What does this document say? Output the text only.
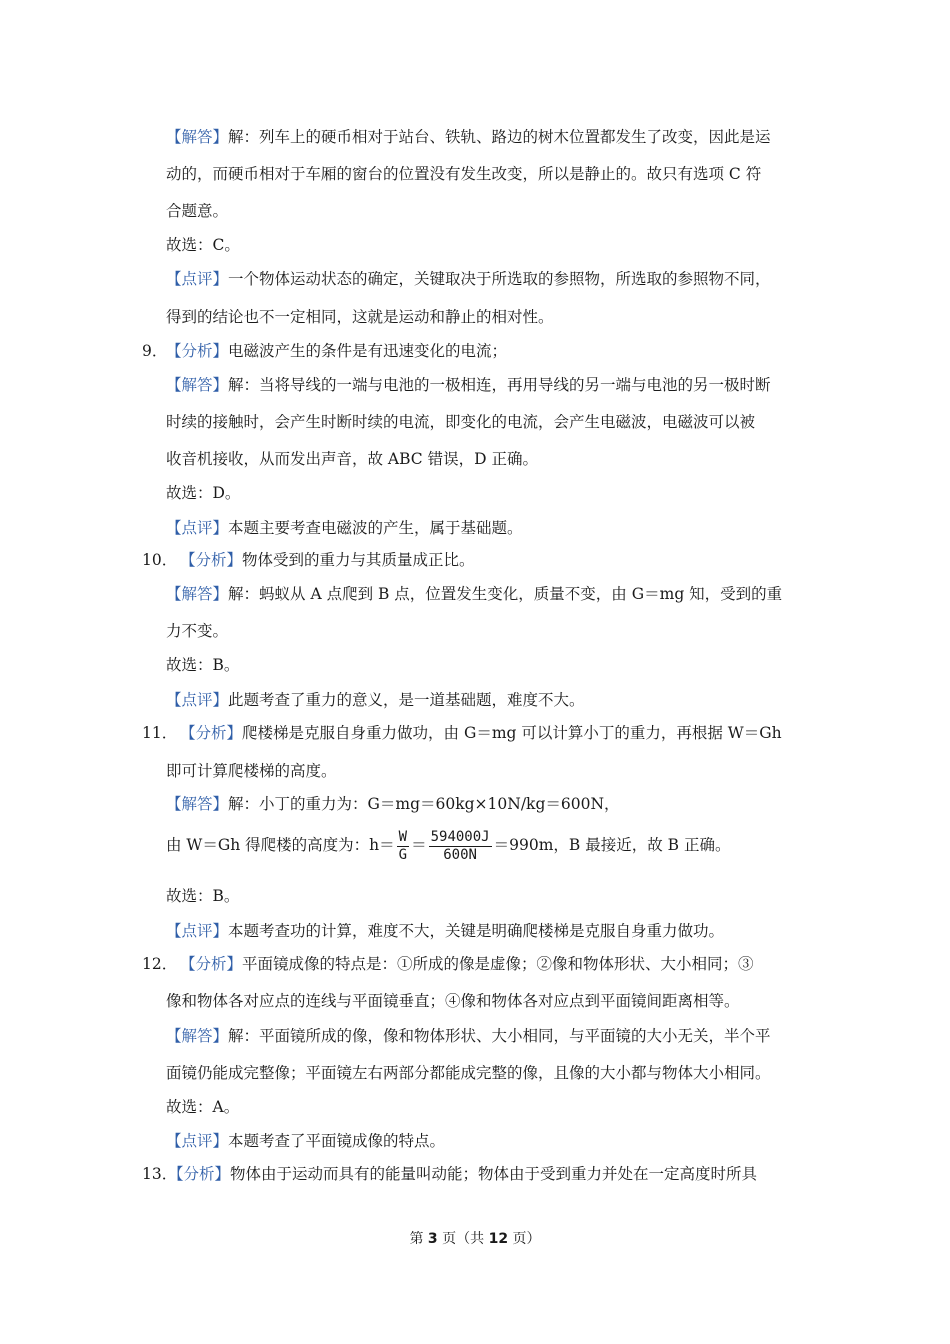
【解答】解：列车上的硬币相对于站台、铁轨、路边的树木位置都发生了改变，因此是运
动的，而硬币相对于车厢的窗台的位置没有发生改变，所以是静止的。故只有选项 C 符
合题意。
故选：C。
【点评】一个物体运动状态的确定，关键取决于所选取的参照物，所选取的参照物不同，
得到的结论也不一定相同，这就是运动和静止的相对性。
9．
【分析】电磁波产生的条件是有迅速变化的电流；
【解答】解：当将导线的一端与电池的一极相连，再用导线的另一端与电池的另一极时断
时续的接触时，会产生时断时续的电流，即变化的电流，会产生电磁波，电磁波可以被
收音机接收，从而发出声音，故 ABC 错误，D 正确。
故选：D。
【点评】本题主要考查电磁波的产生，属于基础题。
10． 【分析】物体受到的重力与其质量成正比。
【解答】解：蚂蚁从 A 点爬到 B 点，位置发生变化，质量不变，由 G＝mg 知，受到的重
力不变。
故选：B。
【点评】此题考查了重力的意义，是一道基础题，难度不大。
11． 【分析】爬楼梯是克服自身重力做功，由 G＝mg 可以计算小丁的重力，再根据 W＝Gh
即可计算爬楼梯的高度。
【解答】解：小丁的重力为：G＝mg＝60kg×10N/kg＝600N，
由 W＝Gh 得爬楼的高度为：$h= \frac{W}{G} = \frac{594000J}{600N} =990m$，B 最接近，故 B 正确。
故选：B。
【点评】本题考查功的计算，难度不大，关键是明确爬楼梯是克服自身重力做功。
12． 【分析】平面镜成像的特点是：①所成的像是虚像；②像和物体形状、大小相同；③
像和物体各对应点的连线与平面镜垂直；④像和物体各对应点到平面镜间距离相等。
【解答】解：平面镜所成的像，像和物体形状、大小相同，与平面镜的大小无关，半个平
面镜仍能成完整像；平面镜左右两部分都能成完整的像，且像的大小都与物体大小相同。
故选：A。
【点评】本题考查了平面镜成像的特点。
13．
【分析】物体由于运动而具有的能量叫动能；物体由于受到重力并处在一定高度时所具
第 3 页（共 12 页）
